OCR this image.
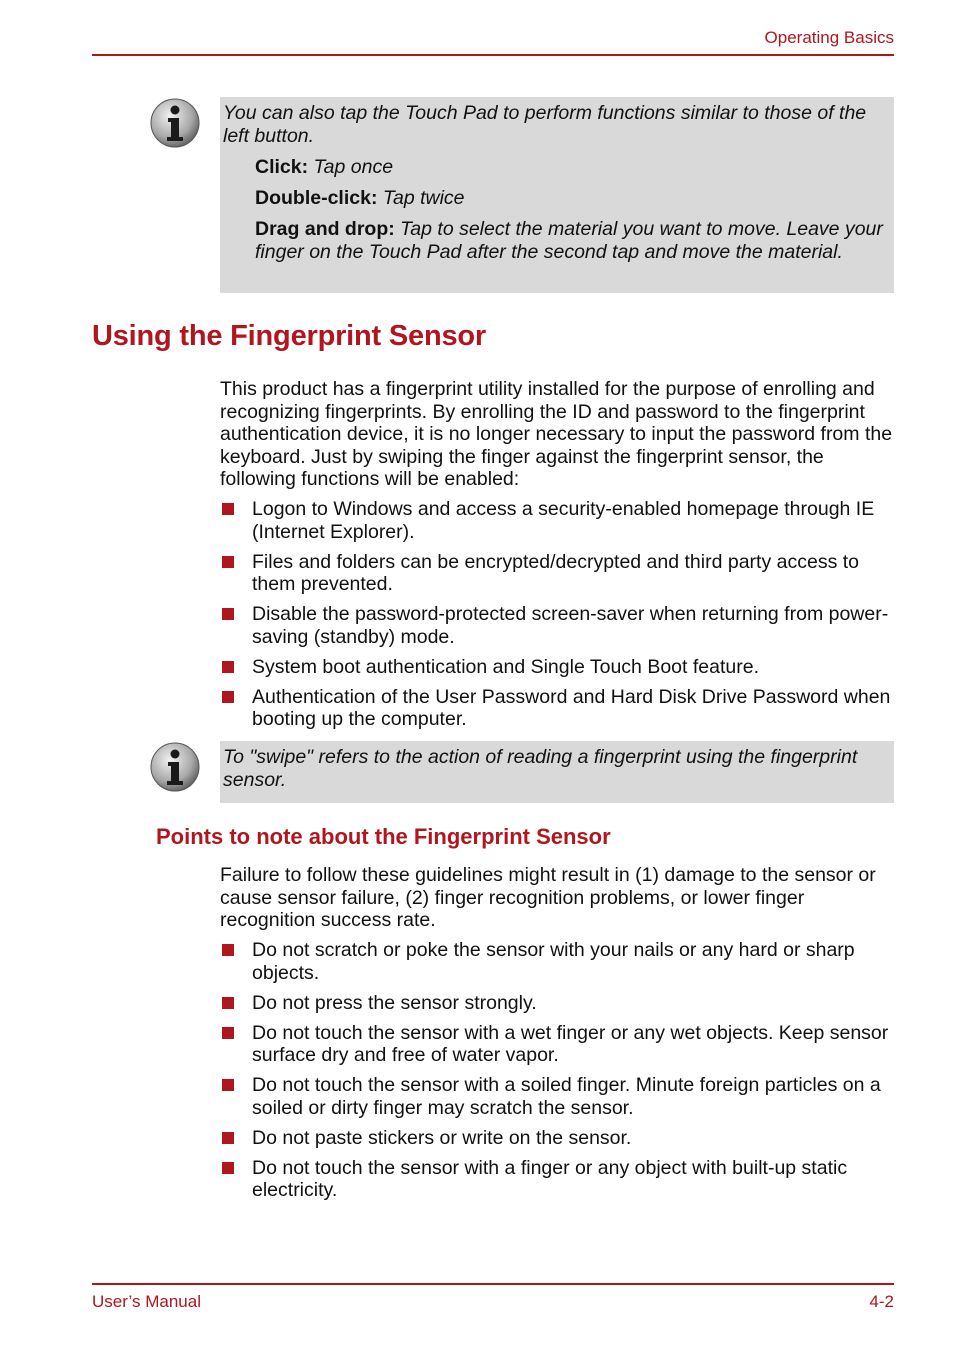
Operating Basics

You can also tap the Touch Pad to perform functions similar to those of the left button.

Click: Tap once

Double-click: Tap twice

Drag and drop: Tap to select the material you want to move. Leave your finger on the Touch Pad after the second tap and move the material.

Using the Fingerprint Sensor

This product has a fingerprint utility installed for the purpose of enrolling and recognizing fingerprints. By enrolling the ID and password to the fingerprint authentication device, it is no longer necessary to input the password from the keyboard. Just by swiping the finger against the fingerprint sensor, the following functions will be enabled:

Logon to Windows and access a security-enabled homepage through IE (Internet Explorer).
Files and folders can be encrypted/decrypted and third party access to them prevented.
Disable the password-protected screen-saver when returning from power-saving (standby) mode.
System boot authentication and Single Touch Boot feature.
Authentication of the User Password and Hard Disk Drive Password when booting up the computer.

To "swipe" refers to the action of reading a fingerprint using the fingerprint sensor.

Points to note about the Fingerprint Sensor

Failure to follow these guidelines might result in (1) damage to the sensor or cause sensor failure, (2) finger recognition problems, or lower finger recognition success rate.

Do not scratch or poke the sensor with your nails or any hard or sharp objects.
Do not press the sensor strongly.
Do not touch the sensor with a wet finger or any wet objects. Keep sensor surface dry and free of water vapor.
Do not touch the sensor with a soiled finger. Minute foreign particles on a soiled or dirty finger may scratch the sensor.
Do not paste stickers or write on the sensor.
Do not touch the sensor with a finger or any object with built-up static electricity.
User’s Manual	4-2
